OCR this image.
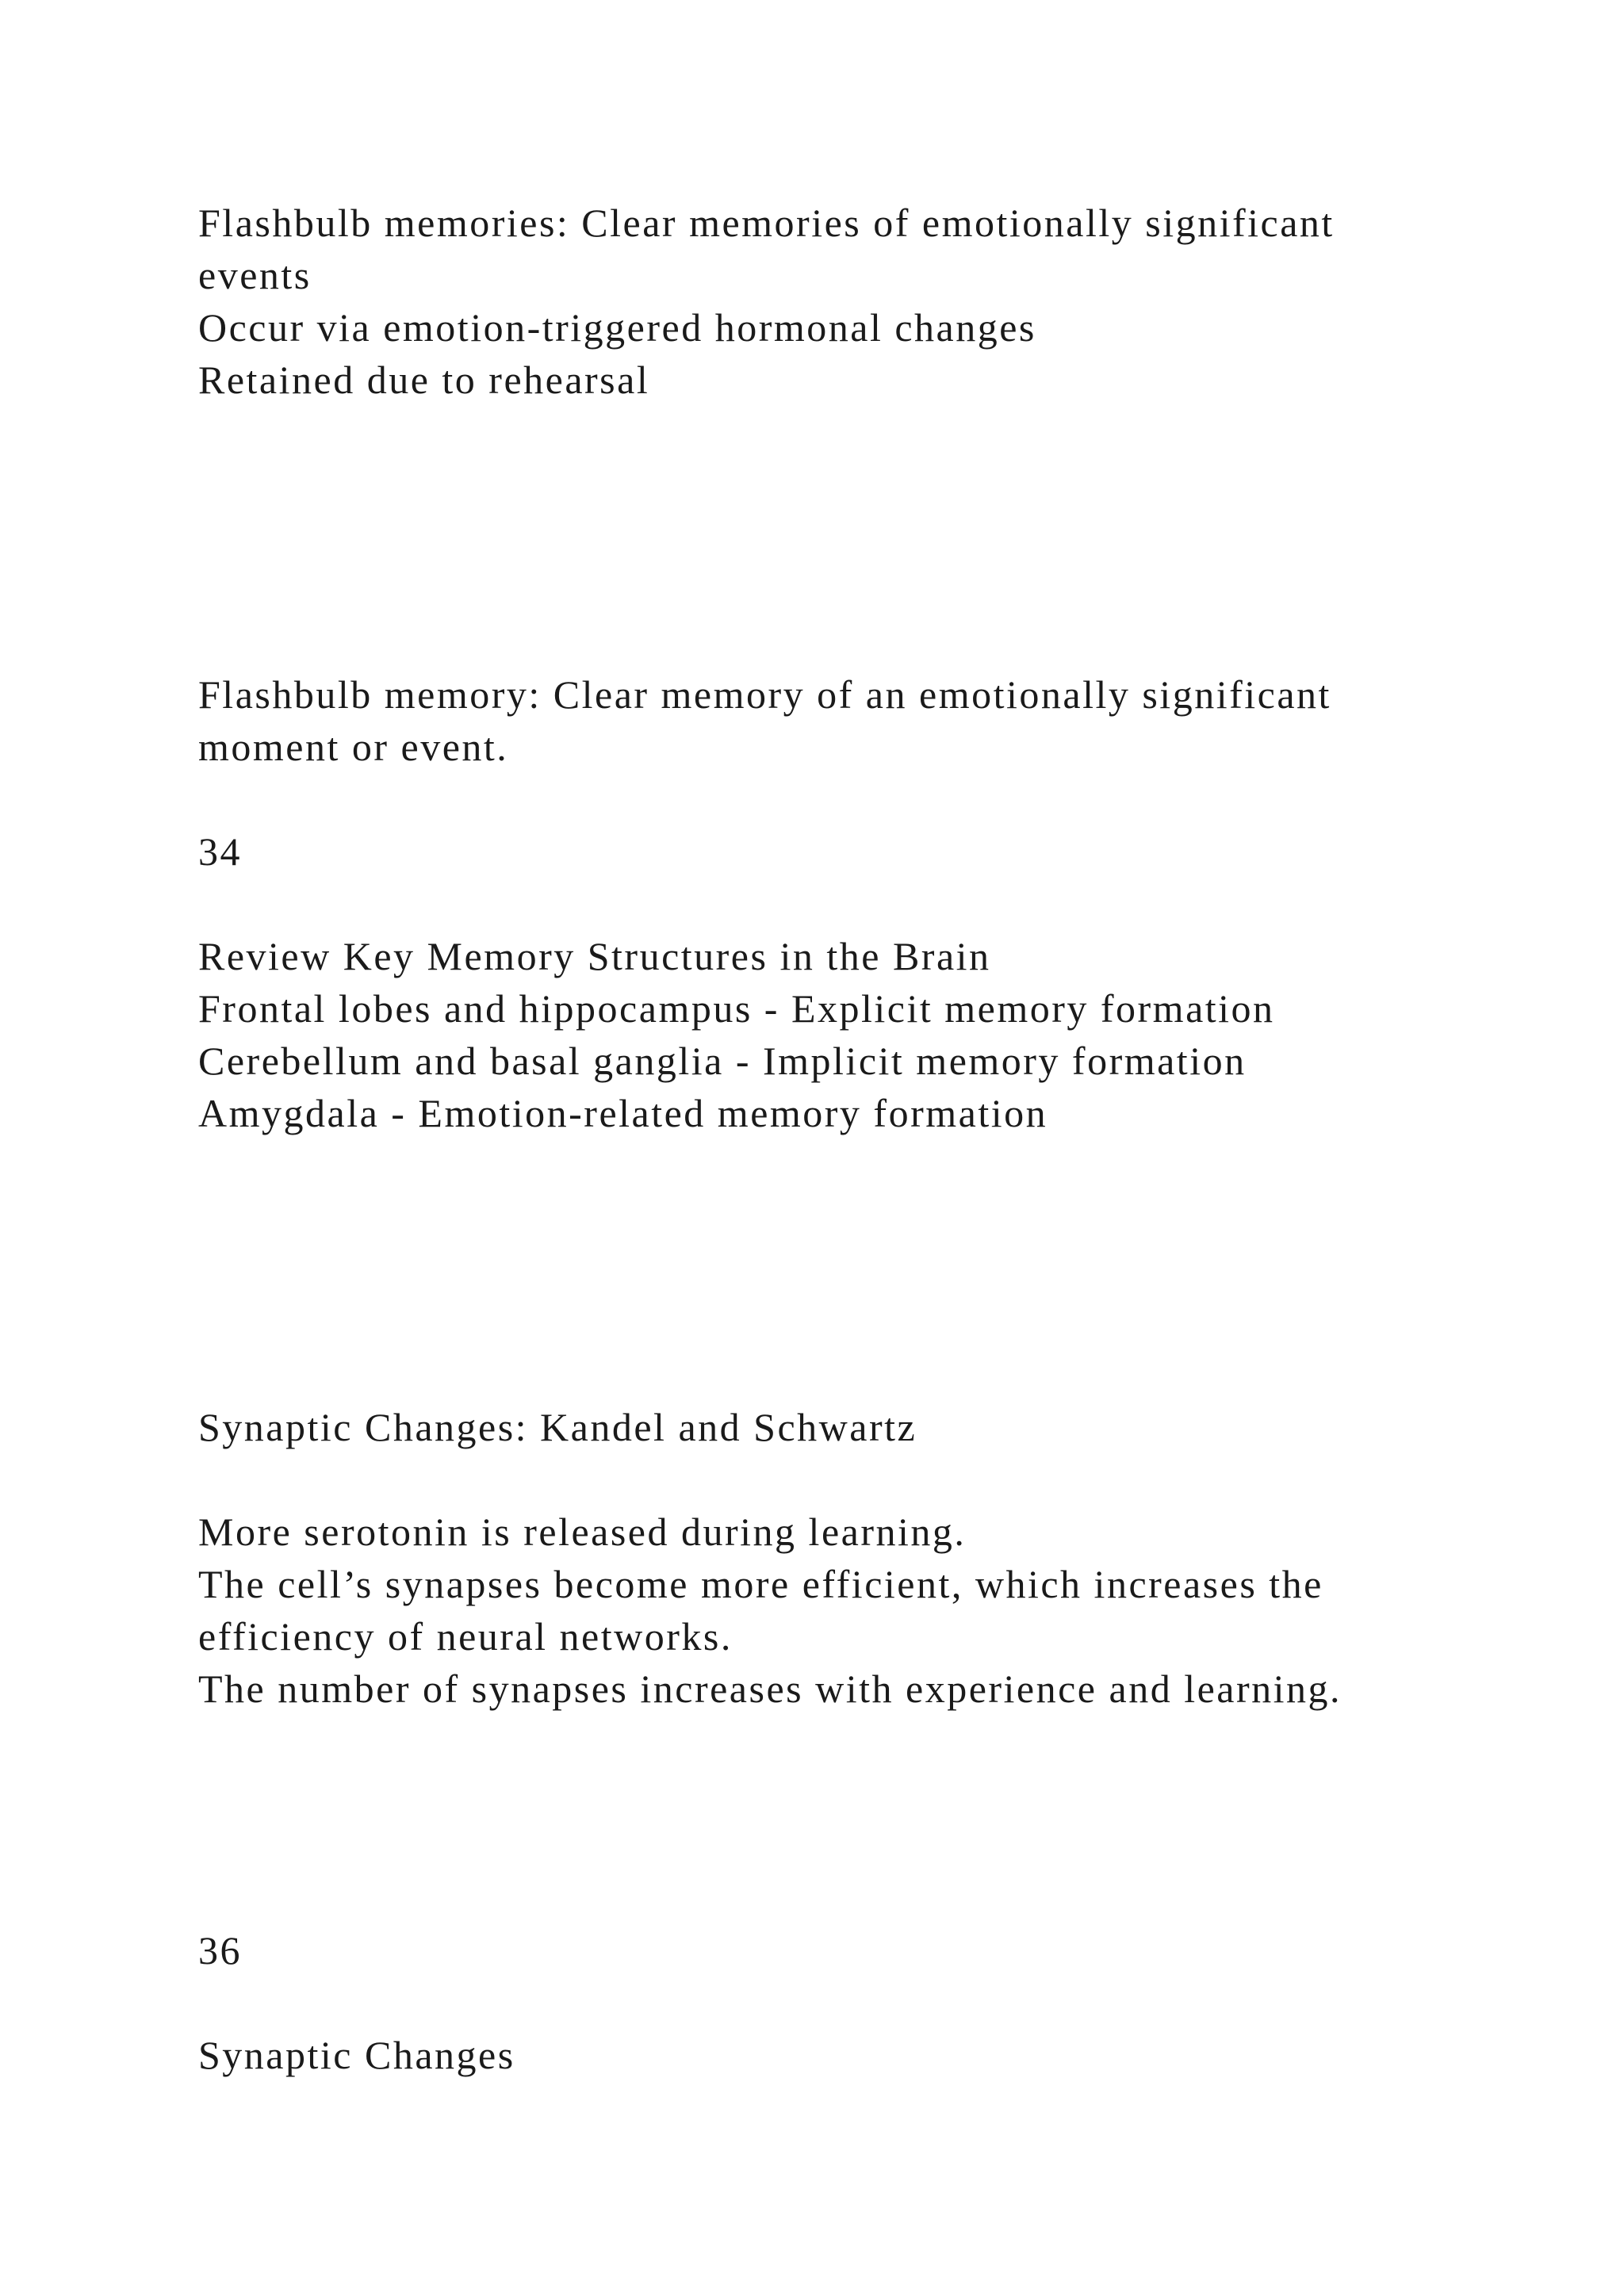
Flashbulb memories: Clear memories of emotionally significant

events

Occur via emotion-triggered hormonal changes

Retained due to rehearsal

Flashbulb memory: Clear memory of an emotionally significant

moment or event.

34

Review Key Memory Structures in the Brain

Frontal lobes and hippocampus - Explicit memory formation

Cerebellum and basal ganglia - Implicit memory formation

Amygdala - Emotion-related memory formation

Synaptic Changes: Kandel and Schwartz

More serotonin is released during learning.

The cell’s synapses become more efficient, which increases the

efficiency of neural networks.

The number of synapses increases with experience and learning.

36

Synaptic Changes
